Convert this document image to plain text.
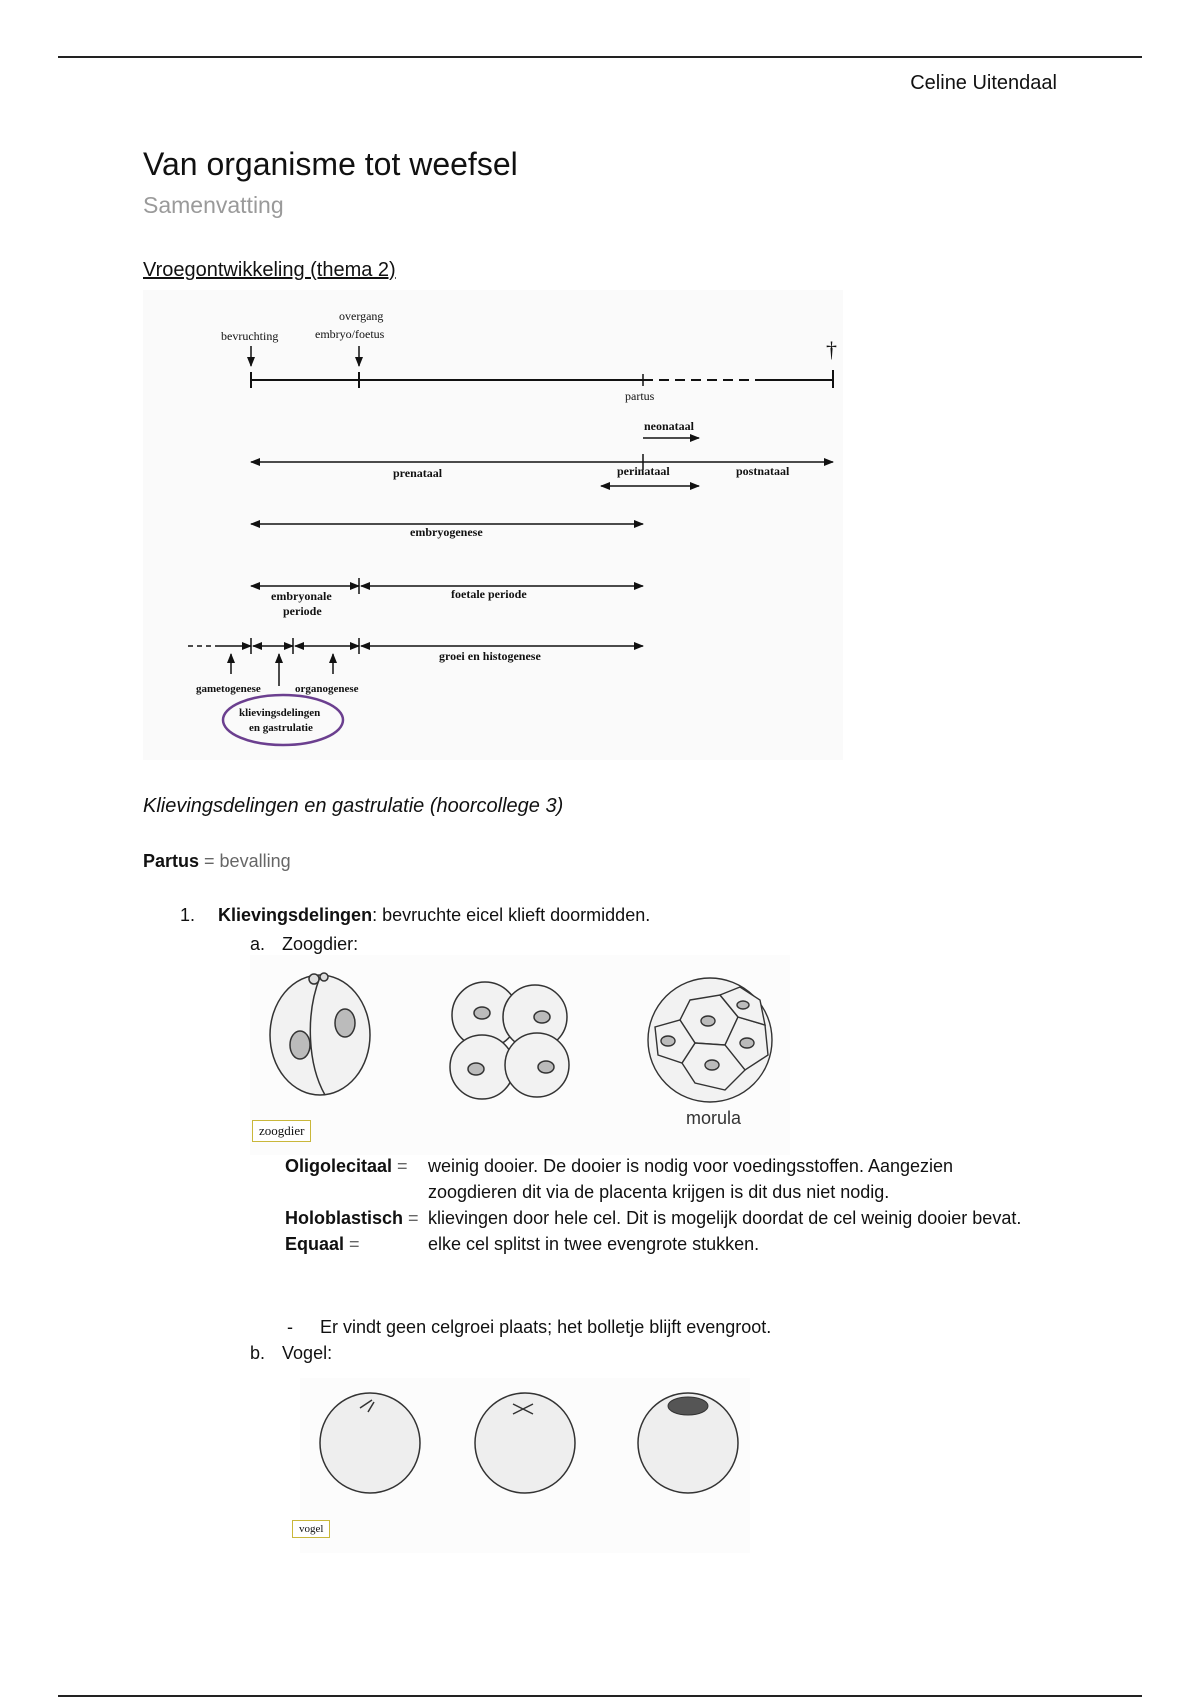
Celine Uitendaal
Van organisme tot weefsel
Samenvatting
Vroegontwikkeling (thema 2)
bevruchting
overgang
embryo/foetus
†
partus
neonataal
prenataal	perinataal	postnataal
embryogenese
embryonale
periode
foetale periode
groei en histogenese
gametogenese	organogenese
klievingsdelingen
en gastrulatie
Klievingsdelingen en gastrulatie (hoorcollege 3)
Partus = bevalling
1. Klievingsdelingen: bevruchte eicel klieft doormidden.
a. Zoogdier:
zoogdier
morula
Oligolecitaal =	weinig dooier. De dooier is nodig voor voedingsstoffen. Aangezien zoogdieren dit via de placenta krijgen is dit dus niet nodig.
Holoblastisch = klievingen door hele cel. Dit is mogelijk doordat de cel weinig dooier bevat.
Equaal =	elke cel splitst in twee evengrote stukken.
- Er vindt geen celgroei plaats; het bolletje blijft evengroot.
b. Vogel:
vogel
